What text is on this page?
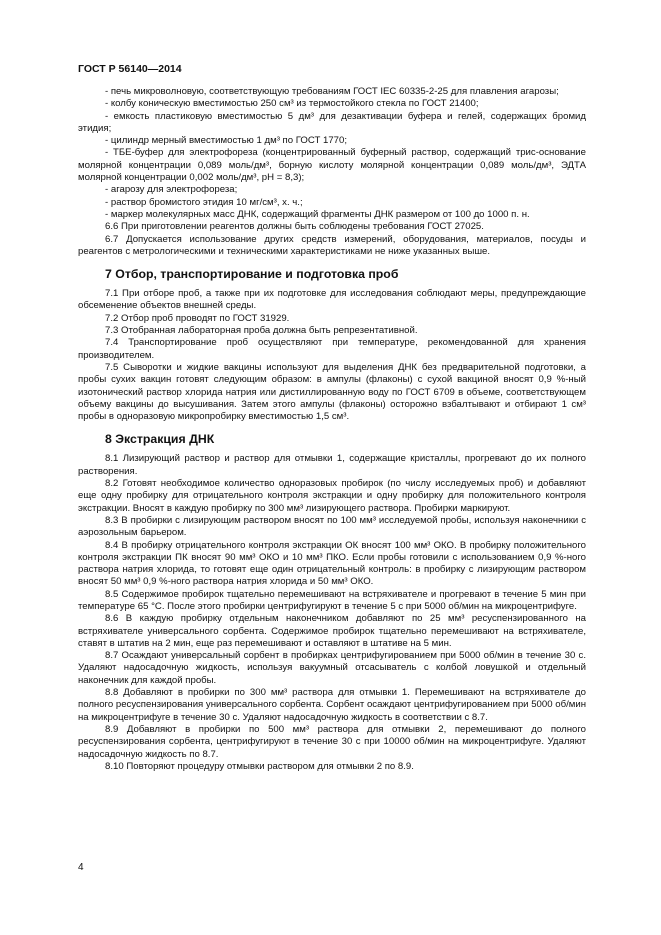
ГОСТ Р 56140—2014

- печь микроволновую, соответствующую требованиям ГОСТ IEC 60335-2-25 для плавления агарозы;

- колбу коническую вместимостью 250 см³ из термостойкого стекла по ГОСТ 21400;

- емкость пластиковую вместимостью 5 дм³ для дезактивации буфера и гелей, содержащих бромид этидия;

- цилиндр мерный вместимостью 1 дм³ по ГОСТ 1770;

- ТБЕ-буфер для электрофореза (концентрированный буферный раствор, содержащий трис-основание молярной концентрации 0,089 моль/дм³, борную кислоту молярной концентрации 0,089 моль/дм³, ЭДТА молярной концентрации 0,002 моль/дм³, рН = 8,3);

- агарозу для электрофореза;

- раствор бромистого этидия 10 мг/см³, х. ч.;

- маркер молекулярных масс ДНК, содержащий фрагменты ДНК размером от 100 до 1000 п. н.

6.6 При приготовлении реагентов должны быть соблюдены требования ГОСТ 27025.

6.7 Допускается использование других средств измерений, оборудования, материалов, посуды и реагентов с метрологическими и техническими характеристиками не ниже указанных выше.

7 Отбор, транспортирование и подготовка проб

7.1 При отборе проб, а также при их подготовке для исследования соблюдают меры, предупреждающие обсеменение объектов внешней среды.

7.2 Отбор проб проводят по ГОСТ 31929.

7.3 Отобранная лабораторная проба должна быть репрезентативной.

7.4 Транспортирование проб осуществляют при температуре, рекомендованной для хранения производителем.

7.5 Сыворотки и жидкие вакцины используют для выделения ДНК без предварительной подготовки, а пробы сухих вакцин готовят следующим образом: в ампулы (флаконы) с сухой вакциной вносят 0,9 %-ный изотонический раствор хлорида натрия или дистиллированную воду по ГОСТ 6709 в объеме, соответствующем объему вакцины до высушивания. Затем этого ампулы (флаконы) осторожно взбалтывают и отбирают 1 см³ пробы в одноразовую микропробирку вместимостью 1,5 см³.

8 Экстракция ДНК

8.1 Лизирующий раствор и раствор для отмывки 1, содержащие кристаллы, прогревают до их полного растворения.

8.2 Готовят необходимое количество одноразовых пробирок (по числу исследуемых проб) и добавляют еще одну пробирку для отрицательного контроля экстракции и одну пробирку для положительного контроля экстракции. Вносят в каждую пробирку по 300 мм³ лизирующего раствора. Пробирки маркируют.

8.3 В пробирки с лизирующим раствором вносят по 100 мм³ исследуемой пробы, используя наконечники с аэрозольным барьером.

8.4 В пробирку отрицательного контроля экстракции ОК вносят 100 мм³ ОКО. В пробирку положительного контроля экстракции ПК вносят 90 мм³ ОКО и 10 мм³ ПКО. Если пробы готовили с использованием 0,9 %-ного раствора натрия хлорида, то готовят еще один отрицательный контроль: в пробирку с лизирующим раствором вносят 50 мм³ 0,9 %-ного раствора натрия хлорида и 50 мм³ ОКО.

8.5 Содержимое пробирок тщательно перемешивают на встряхивателе и прогревают в течение 5 мин при температуре 65 °С. После этого пробирки центрифугируют в течение 5 с при 5000 об/мин на микроцентрифуге.

8.6 В каждую пробирку отдельным наконечником добавляют по 25 мм³ ресуспензированного на встряхивателе универсального сорбента. Содержимое пробирок тщательно перемешивают на встряхивателе, ставят в штатив на 2 мин, еще раз перемешивают и оставляют в штативе на 5 мин.

8.7 Осаждают универсальный сорбент в пробирках центрифугированием при 5000 об/мин в течение 30 с. Удаляют надосадочную жидкость, используя вакуумный отсасыватель с колбой ловушкой и отдельный наконечник для каждой пробы.

8.8 Добавляют в пробирки по 300 мм³ раствора для отмывки 1. Перемешивают на встряхивателе до полного ресуспензирования универсального сорбента. Сорбент осаждают центрифугированием при 5000 об/мин на микроцентрифуге в течение 30 с. Удаляют надосадочную жидкость в соответствии с 8.7.

8.9 Добавляют в пробирки по 500 мм³ раствора для отмывки 2, перемешивают до полного ресуспензирования сорбента, центрифугируют в течение 30 с при 10000 об/мин на микроцентрифуге. Удаляют надосадочную жидкость по 8.7.

8.10 Повторяют процедуру отмывки раствором для отмывки 2 по 8.9.

4
